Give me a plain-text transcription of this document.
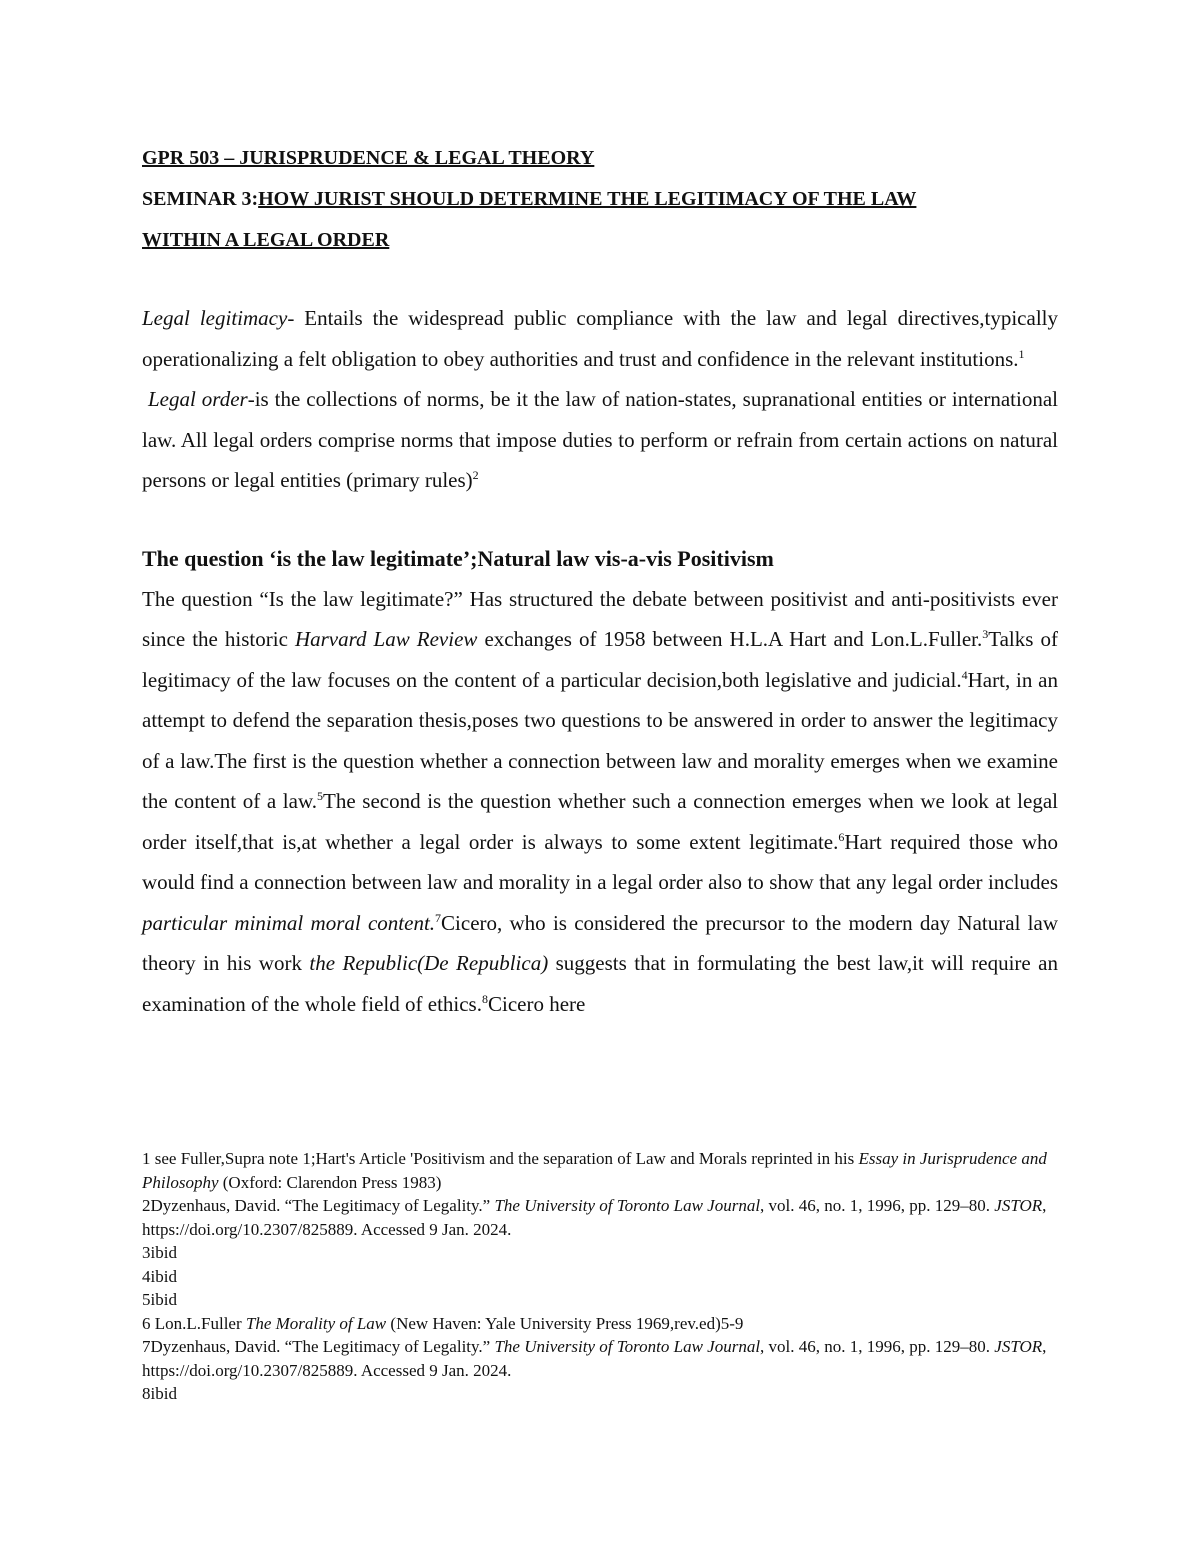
GPR 503 – JURISPRUDENCE & LEGAL THEORY
SEMINAR 3:HOW JURIST SHOULD DETERMINE THE LEGITIMACY OF THE LAW
WITHIN A LEGAL ORDER

Legal legitimacy- Entails the widespread public compliance with the law and legal directives,typically operationalizing a felt obligation to obey authorities and trust and confidence in the relevant institutions.$^1$

Legal order-is the collections of norms, be it the law of nation-states, supranational entities or international law. All legal orders comprise norms that impose duties to perform or refrain from certain actions on natural persons or legal entities (primary rules)$^2$

The question ‘is the law legitimate’;Natural law vis-a-vis Positivism

The question “Is the law legitimate?” Has structured the debate between positivist and anti-positivists ever since the historic Harvard Law Review exchanges of 1958 between H.L.A Hart and Lon.L.Fuller.$^3$Talks of legitimacy of the law focuses on the content of a particular decision,both legislative and judicial.$^4$Hart, in an attempt to defend the separation thesis,poses two questions to be answered in order to answer the legitimacy of a law.The first is the question whether a connection between law and morality emerges when we examine the content of a law.$^5$The second is the question whether such a connection emerges when we look at legal order itself,that is,at whether a legal order is always to some extent legitimate.$^6$Hart required those who would find a connection between law and morality in a legal order also to show that any legal order includes particular minimal moral content.$^7$Cicero, who is considered the precursor to the modern day Natural law theory in his work the Republic(De Republica) suggests that in formulating the best law,it will require an examination of the whole field of ethics.$^8$Cicero here

1 see Fuller,Supra note 1;Hart's Article 'Positivism and the separation of Law and Morals reprinted in his Essay in Jurisprudence and Philosophy (Oxford: Clarendon Press 1983)

2Dyzenhaus, David. “The Legitimacy of Legality.” The University of Toronto Law Journal, vol. 46, no. 1, 1996, pp. 129–80. JSTOR, https://doi.org/10.2307/825889. Accessed 9 Jan. 2024.

3ibid

4ibid

5ibid

6 Lon.L.Fuller The Morality of Law (New Haven: Yale University Press 1969,rev.ed)5-9

7Dyzenhaus, David. “The Legitimacy of Legality.” The University of Toronto Law Journal, vol. 46, no. 1, 1996, pp. 129–80. JSTOR, https://doi.org/10.2307/825889. Accessed 9 Jan. 2024.

8ibid
